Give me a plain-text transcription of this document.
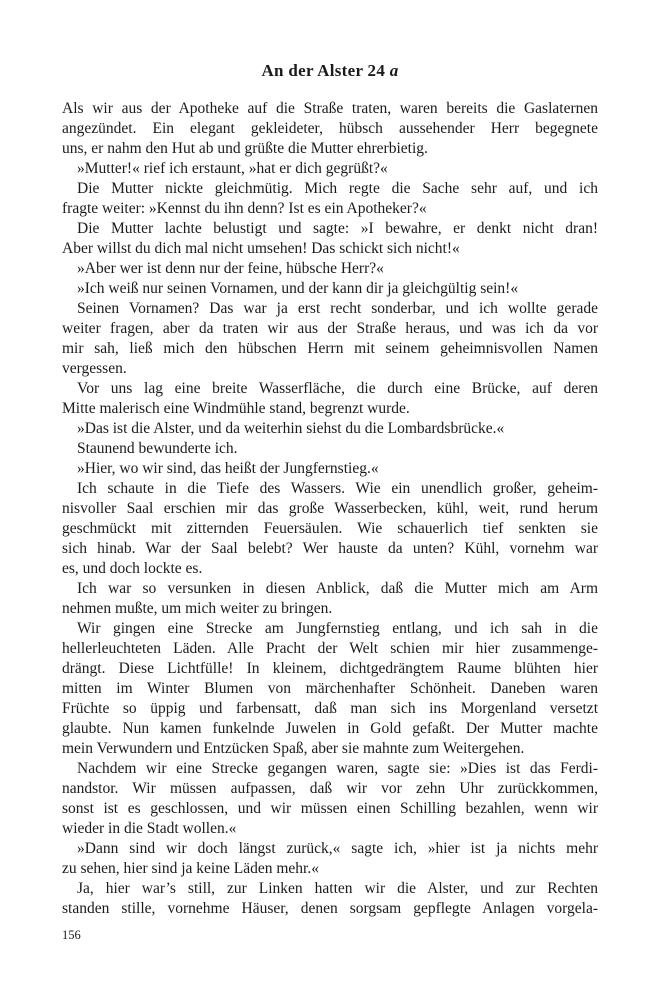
An der Alster 24 a
Als wir aus der Apotheke auf die Straße traten, waren bereits die Gaslaternen
angezündet. Ein elegant gekleideter, hübsch aussehender Herr begegnete
uns, er nahm den Hut ab und grüßte die Mutter ehrerbietig.
»Mutter!« rief ich erstaunt, »hat er dich gegrüßt?«
Die Mutter nickte gleichmütig. Mich regte die Sache sehr auf, und ich
fragte weiter: »Kennst du ihn denn? Ist es ein Apotheker?«
Die Mutter lachte belustigt und sagte: »I bewahre, er denkt nicht dran!
Aber willst du dich mal nicht umsehen! Das schickt sich nicht!«
»Aber wer ist denn nur der feine, hübsche Herr?«
»Ich weiß nur seinen Vornamen, und der kann dir ja gleichgültig sein!«
Seinen Vornamen? Das war ja erst recht sonderbar, und ich wollte gerade
weiter fragen, aber da traten wir aus der Straße heraus, und was ich da vor
mir sah, ließ mich den hübschen Herrn mit seinem geheimnisvollen Namen
vergessen.
Vor uns lag eine breite Wasserfläche, die durch eine Brücke, auf deren
Mitte malerisch eine Windmühle stand, begrenzt wurde.
»Das ist die Alster, und da weiterhin siehst du die Lombardsbrücke.«
Staunend bewunderte ich.
»Hier, wo wir sind, das heißt der Jungfernstieg.«
Ich schaute in die Tiefe des Wassers. Wie ein unendlich großer, geheim-
nisvoller Saal erschien mir das große Wasserbecken, kühl, weit, rund herum
geschmückt mit zitternden Feuersäulen. Wie schauerlich tief senkten sie
sich hinab. War der Saal belebt? Wer hauste da unten? Kühl, vornehm war
es, und doch lockte es.
Ich war so versunken in diesen Anblick, daß die Mutter mich am Arm
nehmen mußte, um mich weiter zu bringen.
Wir gingen eine Strecke am Jungfernstieg entlang, und ich sah in die
hellerleuchteten Läden. Alle Pracht der Welt schien mir hier zusammenge-
drängt. Diese Lichtfülle! In kleinem, dichtgedrängtem Raume blühten hier
mitten im Winter Blumen von märchenhafter Schönheit. Daneben waren
Früchte so üppig und farbensatt, daß man sich ins Morgenland versetzt
glaubte. Nun kamen funkelnde Juwelen in Gold gefaßt. Der Mutter machte
mein Verwundern und Entzücken Spaß, aber sie mahnte zum Weitergehen.
Nachdem wir eine Strecke gegangen waren, sagte sie: »Dies ist das Ferdi-
nandstor. Wir müssen aufpassen, daß wir vor zehn Uhr zurückkommen,
sonst ist es geschlossen, und wir müssen einen Schilling bezahlen, wenn wir
wieder in die Stadt wollen.«
»Dann sind wir doch längst zurück,« sagte ich, »hier ist ja nichts mehr
zu sehen, hier sind ja keine Läden mehr.«
Ja, hier war’s still, zur Linken hatten wir die Alster, und zur Rechten
standen stille, vornehme Häuser, denen sorgsam gepflegte Anlagen vorgela-
156
